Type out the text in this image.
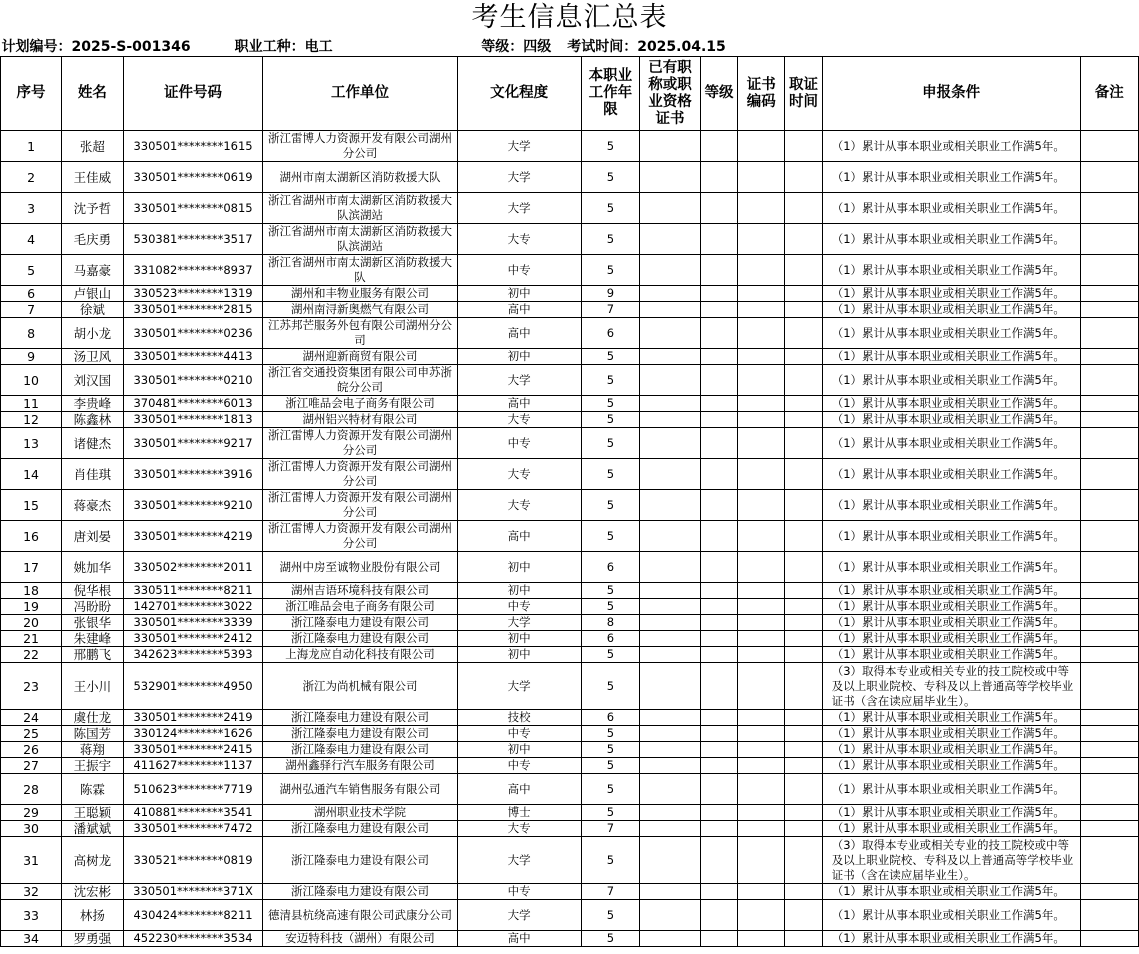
考生信息汇总表
计划编号：2025-S-001346 职业工种：电工				等级：四级 考试时间：2025.04.15							
序号	姓名	证件号码	工作单位	文化程度	本职业工作年限	已有职称或职业资格证书	等级	证书编码	取证时间	申报条件	备注
1	张超	330501********1615	浙江雷博人力资源开发有限公司湖州分公司	大学	5					（1）累计从事本职业或相关职业工作满5年。	
2	王佳威	330501********0619	湖州市南太湖新区消防救援大队	大学	5					（1）累计从事本职业或相关职业工作满5年。	
3	沈予哲	330501********0815	浙江省湖州市南太湖新区消防救援大队滨湖站	大学	5					（1）累计从事本职业或相关职业工作满5年。	
4	毛庆勇	530381********3517	浙江省湖州市南太湖新区消防救援大队滨湖站	大专	5					（1）累计从事本职业或相关职业工作满5年。	
5	马嘉豪	331082********8937	浙江省湖州市南太湖新区消防救援大队	中专	5					（1）累计从事本职业或相关职业工作满5年。	
6	卢银山	330523********1319	湖州和丰物业服务有限公司	初中	9					（1）累计从事本职业或相关职业工作满5年。	
7	徐斌	330501********2815	湖州南浔新奥燃气有限公司	高中	7					（1）累计从事本职业或相关职业工作满5年。	
8	胡小龙	330501********0236	江苏邦芒服务外包有限公司湖州分公司	高中	6					（1）累计从事本职业或相关职业工作满5年。	
9	汤卫风	330501********4413	湖州迎新商贸有限公司	初中	5					（1）累计从事本职业或相关职业工作满5年。	
10	刘汉国	330501********0210	浙江省交通投资集团有限公司申苏浙皖分公司	大学	5					（1）累计从事本职业或相关职业工作满5年。	
11	李贵峰	370481********6013	浙江唯品会电子商务有限公司	高中	5					（1）累计从事本职业或相关职业工作满5年。	
12	陈鑫林	330501********1813	湖州铝兴特材有限公司	大专	5					（1）累计从事本职业或相关职业工作满5年。	
13	诸健杰	330501********9217	浙江雷博人力资源开发有限公司湖州分公司	中专	5					（1）累计从事本职业或相关职业工作满5年。	
14	肖佳琪	330501********3916	浙江雷博人力资源开发有限公司湖州分公司	大专	5					（1）累计从事本职业或相关职业工作满5年。	
15	蒋豪杰	330501********9210	浙江雷博人力资源开发有限公司湖州分公司	大专	5					（1）累计从事本职业或相关职业工作满5年。	
16	唐刘晏	330501********4219	浙江雷博人力资源开发有限公司湖州分公司	高中	5					（1）累计从事本职业或相关职业工作满5年。	
17	姚加华	330502********2011	湖州中房至诚物业股份有限公司	初中	6					（1）累计从事本职业或相关职业工作满5年。	
18	倪华根	330511********8211	湖州吉语环境科技有限公司	初中	5					（1）累计从事本职业或相关职业工作满5年。	
19	冯盼盼	142701********3022	浙江唯品会电子商务有限公司	中专	5					（1）累计从事本职业或相关职业工作满5年。	
20	张银华	330501********3339	浙江隆泰电力建设有限公司	大学	8					（1）累计从事本职业或相关职业工作满5年。	
21	朱建峰	330501********2412	浙江隆泰电力建设有限公司	初中	6					（1）累计从事本职业或相关职业工作满5年。	
22	邢鹏飞	342623********5393	上海龙应自动化科技有限公司	初中	5					（1）累计从事本职业或相关职业工作满5年。	
23	王小川	532901********4950	浙江为尚机械有限公司	大学	5					（3）取得本专业或相关专业的技工院校或中等及以上职业院校、专科及以上普通高等学校毕业证书（含在读应届毕业生）。	
24	虞仕龙	330501********2419	浙江隆泰电力建设有限公司	技校	6					（1）累计从事本职业或相关职业工作满5年。	
25	陈国芳	330124********1626	浙江隆泰电力建设有限公司	中专	5					（1）累计从事本职业或相关职业工作满5年。	
26	蒋翔	330501********2415	浙江隆泰电力建设有限公司	初中	5					（1）累计从事本职业或相关职业工作满5年。	
27	王振宇	411627********1137	湖州鑫驿行汽车服务有限公司	中专	5					（1）累计从事本职业或相关职业工作满5年。	
28	陈霖	510623********7719	湖州弘通汽车销售服务有限公司	高中	5					（1）累计从事本职业或相关职业工作满5年。	
29	王聪颖	410881********3541	湖州职业技术学院	博士	5					（1）累计从事本职业或相关职业工作满5年。	
30	潘斌斌	330501********7472	浙江隆泰电力建设有限公司	大专	7					（1）累计从事本职业或相关职业工作满5年。	
31	高树龙	330521********0819	浙江隆泰电力建设有限公司	大学	5					（3）取得本专业或相关专业的技工院校或中等及以上职业院校、专科及以上普通高等学校毕业证书（含在读应届毕业生）。	
32	沈宏彬	330501********371X	浙江隆泰电力建设有限公司	中专	7					（1）累计从事本职业或相关职业工作满5年。	
33	林扬	430424********8211	德清县杭绕高速有限公司武康分公司	大学	5					（1）累计从事本职业或相关职业工作满5年。	
34	罗勇强	452230********3534	安迈特科技（湖州）有限公司	高中	5					（1）累计从事本职业或相关职业工作满5年。	
